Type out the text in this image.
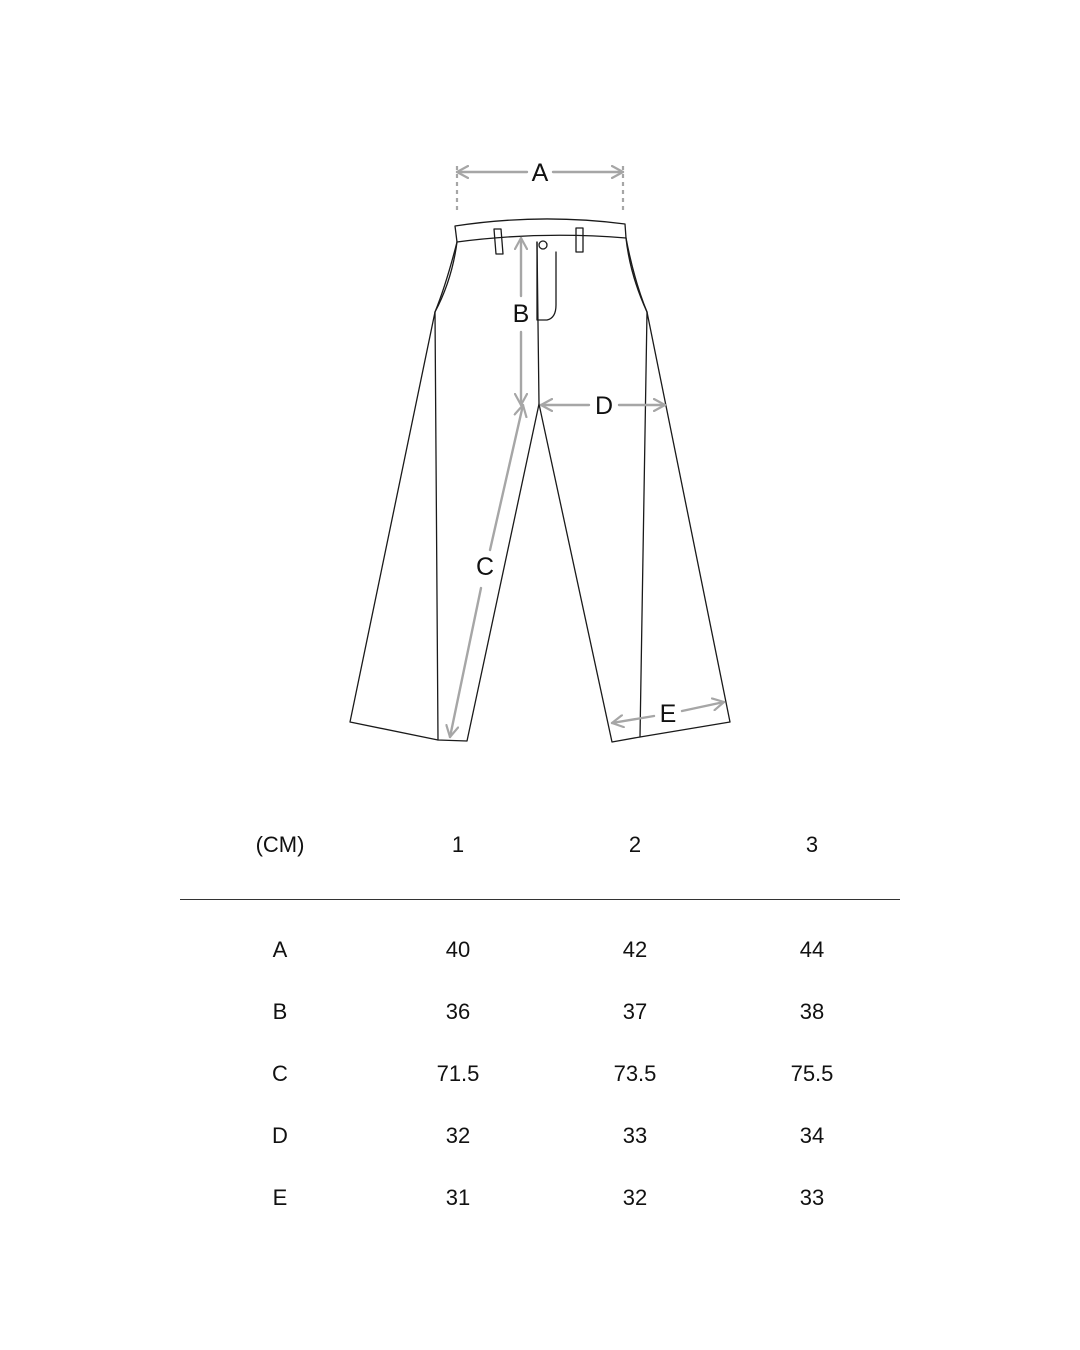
A
B
C
D
E
(CM)	1	2	3
A	40	42	44
B	36	37	38
C	71.5	73.5	75.5
D	32	33	34
E	31	32	33
